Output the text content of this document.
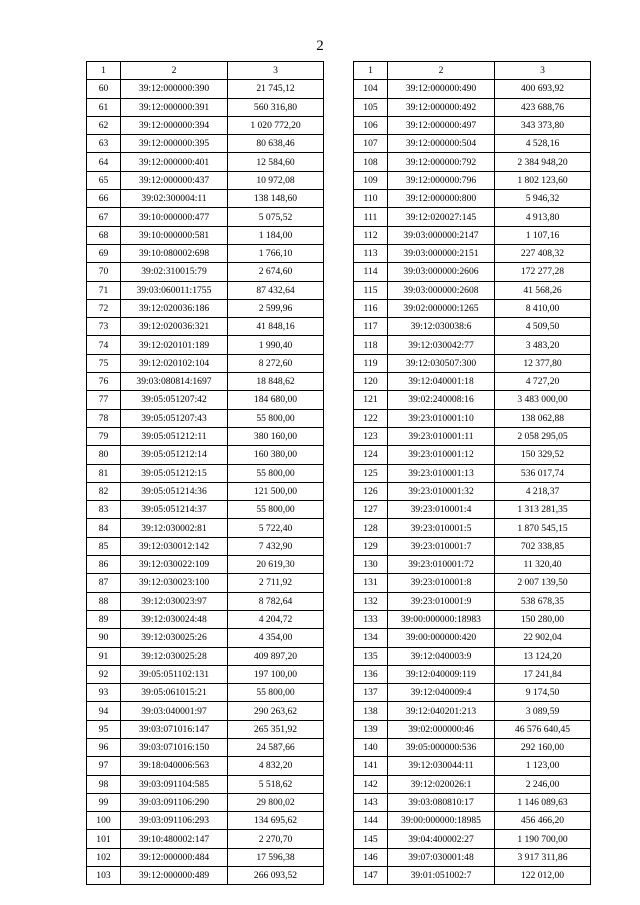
2
1	2	3
60	39:12:000000:390	21 745,12
61	39:12:000000:391	560 316,80
62	39:12:000000:394	1 020 772,20
63	39:12:000000:395	80 638,46
64	39:12:000000:401	12 584,60
65	39:12:000000:437	10 972,08
66	39:02:300004:11	138 148,60
67	39:10:000000:477	5 075,52
68	39:10:000000:581	1 184,00
69	39:10:080002:698	1 766,10
70	39:02:310015:79	2 674,60
71	39:03:060011:1755	87 432,64
72	39:12:020036:186	2 599,96
73	39:12:020036:321	41 848,16
74	39:12:020101:189	1 990,40
75	39:12:020102:104	8 272,60
76	39:03:080814:1697	18 848,62
77	39:05:051207:42	184 680,00
78	39:05:051207:43	55 800,00
79	39:05:051212:11	380 160,00
80	39:05:051212:14	160 380,00
81	39:05:051212:15	55 800,00
82	39:05:051214:36	121 500,00
83	39:05:051214:37	55 800,00
84	39:12:030002:81	5 722,40
85	39:12:030012:142	7 432,90
86	39:12:030022:109	20 619,30
87	39:12:030023:100	2 711,92
88	39:12:030023:97	8 782,64
89	39:12:030024:48	4 204,72
90	39:12:030025:26	4 354,00
91	39:12:030025:28	409 897,20
92	39:05:051102:131	197 100,00
93	39:05:061015:21	55 800,00
94	39:03:040001:97	290 263,62
95	39:03:071016:147	265 351,92
96	39:03:071016:150	24 587,66
97	39:18:040006:563	4 832,20
98	39:03:091104:585	5 518,62
99	39:03:091106:290	29 800,02
100	39:03:091106:293	134 695,62
101	39:10:480002:147	2 270,70
102	39:12:000000:484	17 596,38
103	39:12:000000:489	266 093,52
1	2	3
104	39:12:000000:490	400 693,92
105	39:12:000000:492	423 688,76
106	39:12:000000:497	343 373,80
107	39:12:000000:504	4 528,16
108	39:12:000000:792	2 384 948,20
109	39:12:000000:796	1 802 123,60
110	39:12:000000:800	5 946,32
111	39:12:020027:145	4 913,80
112	39:03:000000:2147	1 107,16
113	39:03:000000:2151	227 408,32
114	39:03:000000:2606	172 277,28
115	39:03:000000:2608	41 568,26
116	39:02:000000:1265	8 410,00
117	39:12:030038:6	4 509,50
118	39:12:030042:77	3 483,20
119	39:12:030507:300	12 377,80
120	39:12:040001:18	4 727,20
121	39:02:240008:16	3 483 000,00
122	39:23:010001:10	138 062,88
123	39:23:010001:11	2 058 295,05
124	39:23:010001:12	150 329,52
125	39:23:010001:13	536 017,74
126	39:23:010001:32	4 218,37
127	39:23:010001:4	1 313 281,35
128	39:23:010001:5	1 870 545,15
129	39:23:010001:7	702 338,85
130	39:23:010001:72	11 320,40
131	39:23:010001:8	2 007 139,50
132	39:23:010001:9	538 678,35
133	39:00:000000:18983	150 280,00
134	39:00:000000:420	22 902,04
135	39:12:040003:9	13 124,20
136	39:12:040009:119	17 241,84
137	39:12:040009:4	9 174,50
138	39:12:040201:213	3 089,59
139	39:02:000000:46	46 576 640,45
140	39:05:000000:536	292 160,00
141	39:12:030044:11	1 123,00
142	39:12:020026:1	2 246,00
143	39:03:080810:17	1 146 089,63
144	39:00:000000:18985	456 466,20
145	39:04:400002:27	1 190 700,00
146	39:07:030001:48	3 917 311,86
147	39:01:051002:7	122 012,00
